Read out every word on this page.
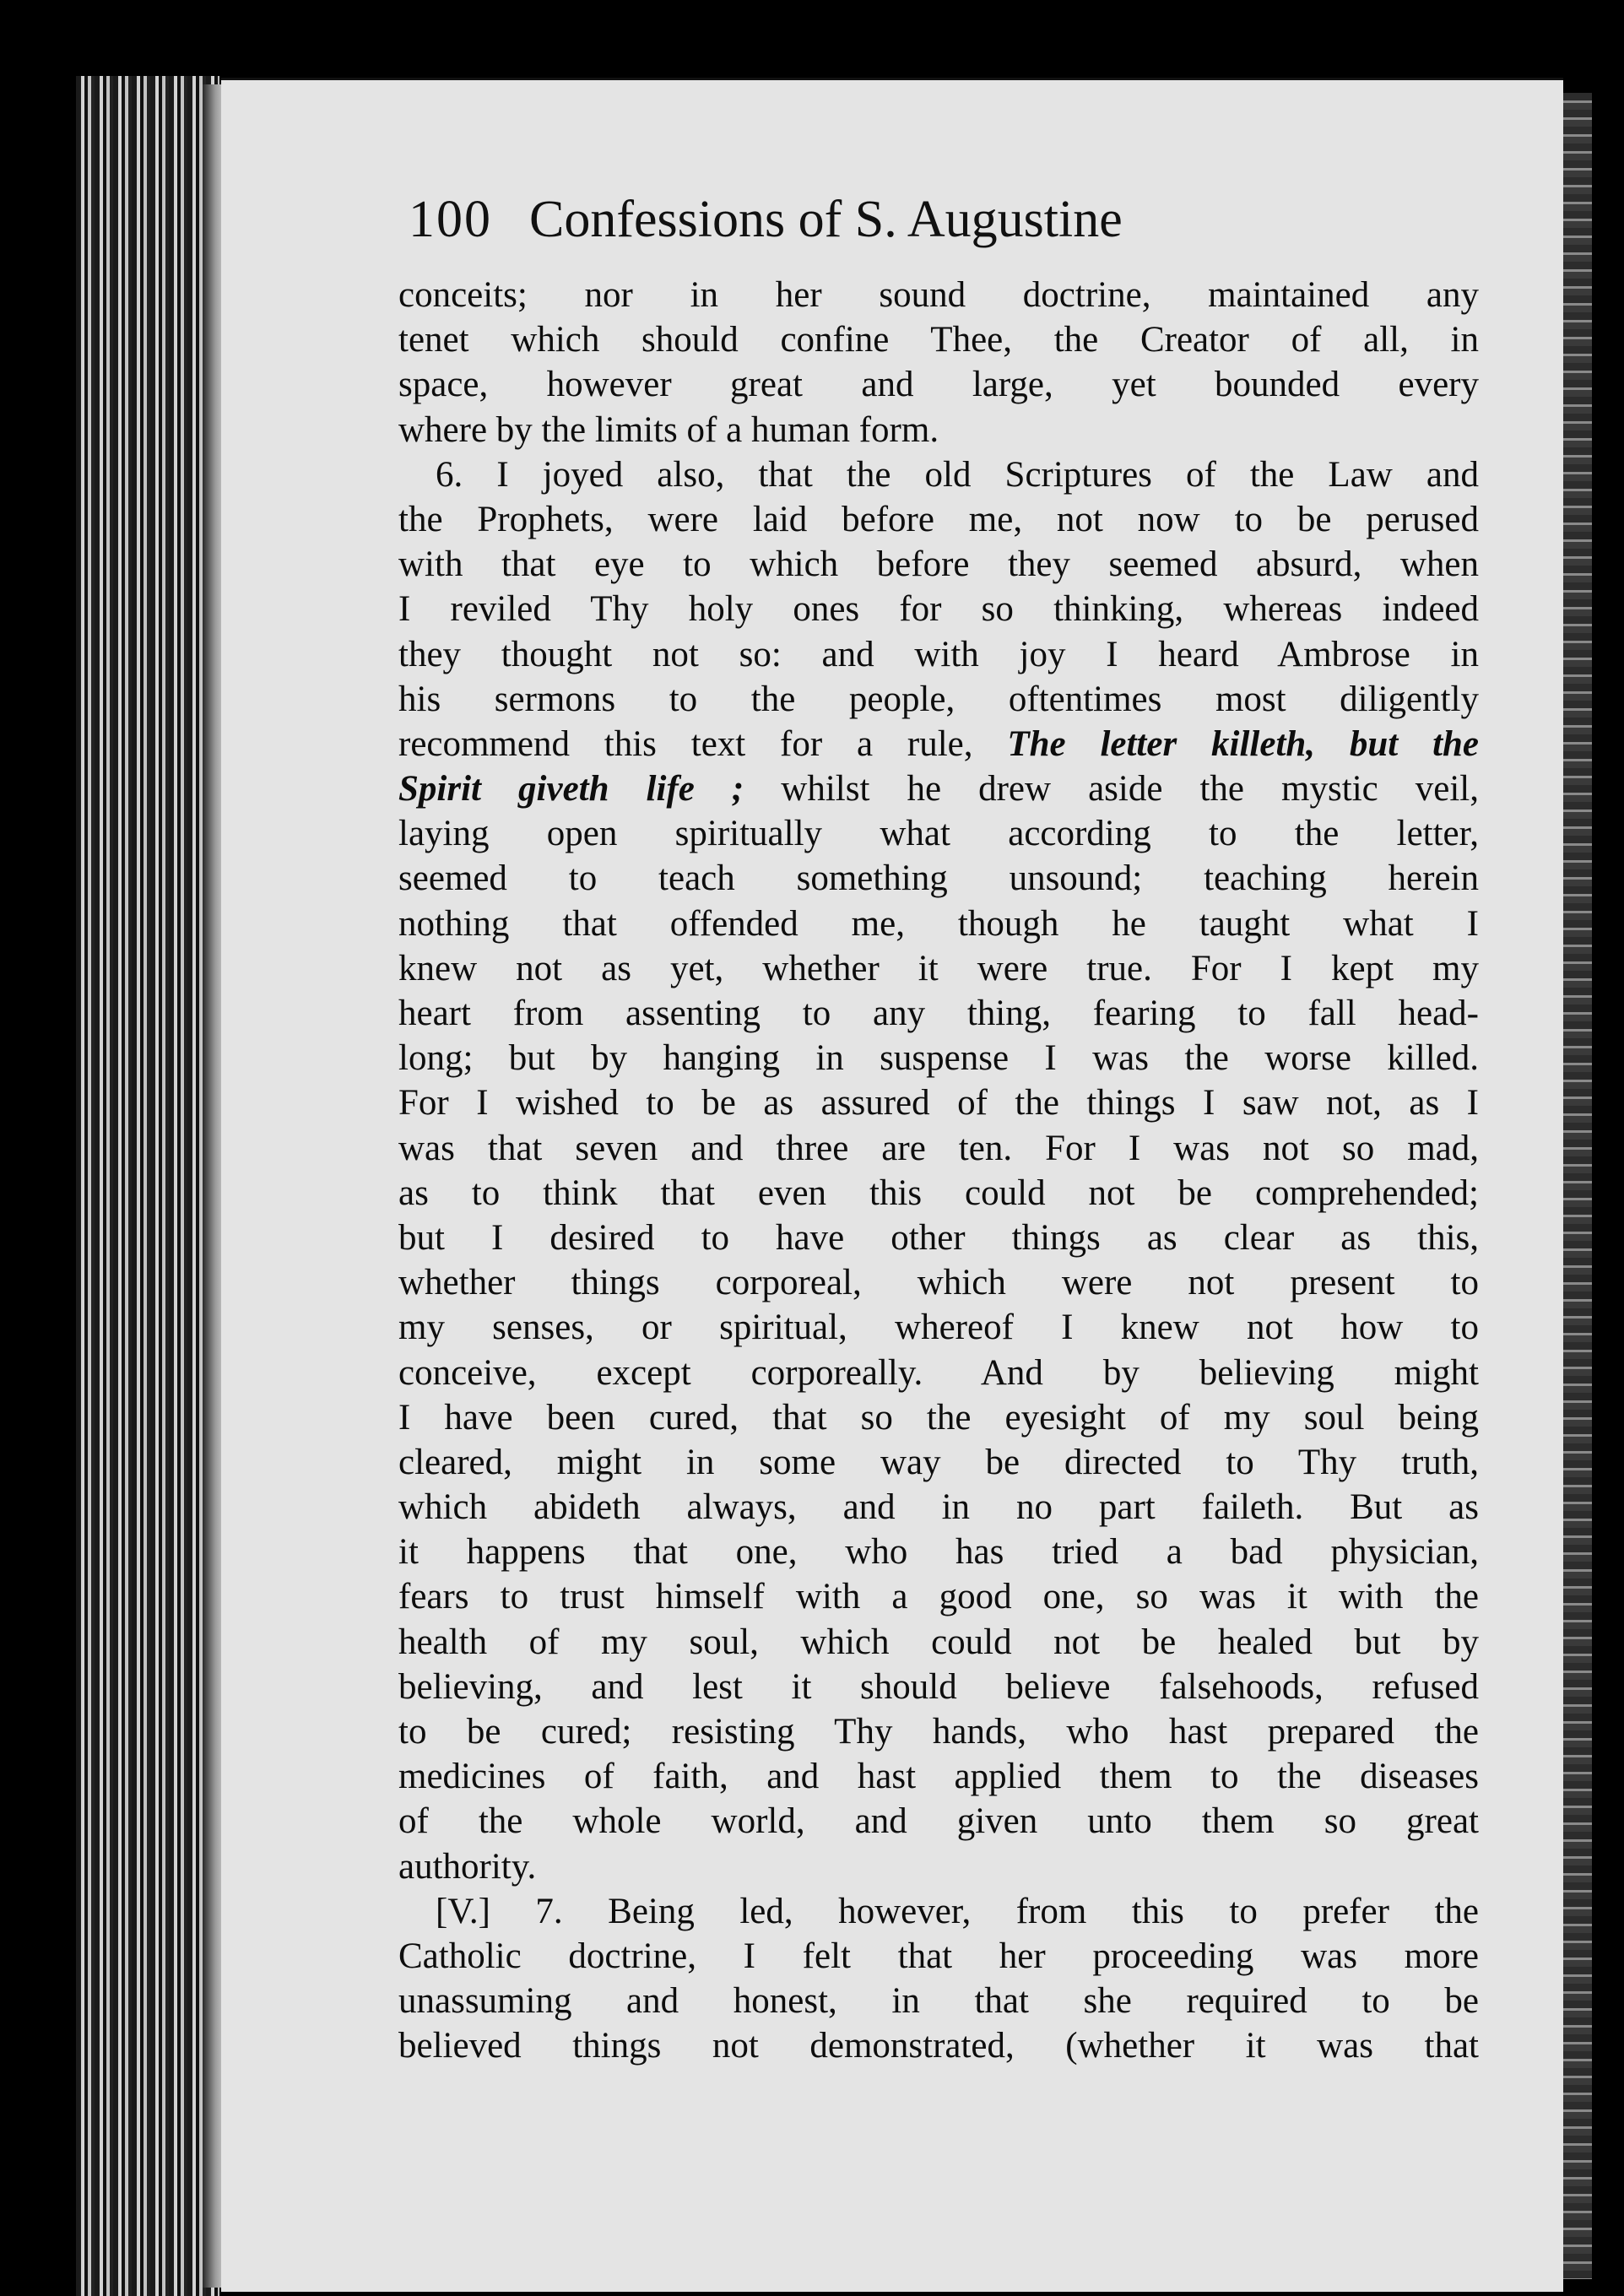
100 Confessions of S. Augustine
conceits; nor in her sound doctrine, maintained any
tenet which should confine Thee, the Creator of all, in
space, however great and large, yet bounded every
where by the limits of a human form.
6. I joyed also, that the old Scriptures of the Law and
the Prophets, were laid before me, not now to be perused
with that eye to which before they seemed absurd, when
I reviled Thy holy ones for so thinking, whereas indeed
they thought not so: and with joy I heard Ambrose in
his sermons to the people, oftentimes most diligently
recommend this text for a rule, The letter killeth, but the
Spirit giveth life ; whilst he drew aside the mystic veil,
laying open spiritually what according to the letter,
seemed to teach something unsound; teaching herein
nothing that offended me, though he taught what I
knew not as yet, whether it were true. For I kept my
heart from assenting to any thing, fearing to fall head-
long; but by hanging in suspense I was the worse killed.
For I wished to be as assured of the things I saw not, as I
was that seven and three are ten. For I was not so mad,
as to think that even this could not be comprehended;
but I desired to have other things as clear as this,
whether things corporeal, which were not present to
my senses, or spiritual, whereof I knew not how to
conceive, except corporeally. And by believing might
I have been cured, that so the eyesight of my soul being
cleared, might in some way be directed to Thy truth,
which abideth always, and in no part faileth. But as
it happens that one, who has tried a bad physician,
fears to trust himself with a good one, so was it with the
health of my soul, which could not be healed but by
believing, and lest it should believe falsehoods, refused
to be cured; resisting Thy hands, who hast prepared the
medicines of faith, and hast applied them to the diseases
of the whole world, and given unto them so great
authority.
[V.] 7. Being led, however, from this to prefer the
Catholic doctrine, I felt that her proceeding was more
unassuming and honest, in that she required to be
believed things not demonstrated, (whether it was that
